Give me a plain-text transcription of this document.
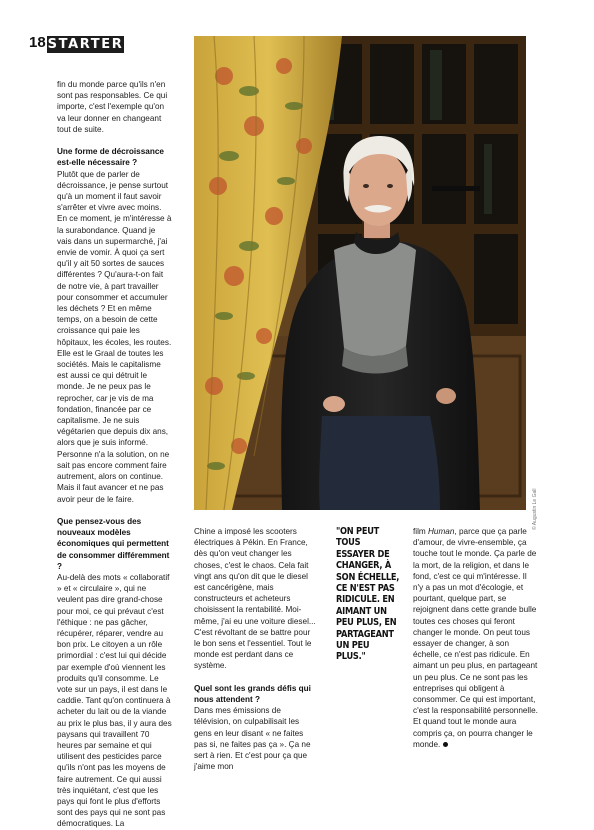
18 STARTER

fin du monde parce qu'ils n'en sont pas responsables. Ce qui importe, c'est l'exemple qu'on va leur donner en changeant tout de suite.

Une forme de décroissance est-elle nécessaire ?

Plutôt que de parler de décroissance, je pense surtout qu'à un moment il faut savoir s'arrêter et vivre avec moins. En ce moment, je m'intéresse à la surabondance. Quand je vais dans un supermarché, j'ai envie de vomir. À quoi ça sert qu'il y ait 50 sortes de sauces différentes ? Qu'aura-t-on fait de notre vie, à part travailler pour consommer et accumuler les déchets ? Et en même temps, on a besoin de cette croissance qui paie les hôpitaux, les écoles, les routes. Elle est le Graal de toutes les sociétés. Mais le capitalisme est aussi ce qui détruit le monde. Je ne peux pas le reprocher, car je vis de ma fondation, financée par ce capitalisme. Je ne suis végétarien que depuis dix ans, alors que je suis informé. Personne n'a la solution, on ne sait pas encore comment faire autrement, alors on continue. Mais il faut avancer et ne pas avoir peur de le faire.

Que pensez-vous des nouveaux modèles économiques qui permettent de consommer différemment ?

Au-delà des mots « collaboratif » et « circulaire », qui ne veulent pas dire grand-chose pour moi, ce qui prévaut c'est l'éthique : ne pas gâcher, récupérer, réparer, vendre au bon prix. Le citoyen a un rôle primordial : c'est lui qui décide par exemple d'où viennent les produits qu'il consomme. Le vote sur un pays, il est dans le caddie. Tant qu'on continuera à acheter du lait ou de la viande au prix le plus bas, il y aura des paysans qui travaillent 70 heures par semaine et qui utilisent des pesticides parce qu'ils n'ont pas les moyens de faire autrement. Ce qui aussi très inquiétant, c'est que les pays qui font le plus d'efforts sont des pays qui ne sont pas démocratiques. La

© Augustin Le Gall

Chine a imposé les scooters électriques à Pékin. En France, dès qu'on veut changer les choses, c'est le chaos. Cela fait vingt ans qu'on dit que le diesel est cancérigène, mais constructeurs et acheteurs choisissent la rentabilité. Moi-même, j'ai eu une voiture diesel... C'est révoltant de se battre pour le bon sens et l'essentiel. Tout le monde est perdant dans ce système.

Quel sont les grands défis qui nous attendent ?

Dans mes émissions de télévision, on culpabilisait les gens en leur disant « ne faites pas si, ne faites pas ça ». Ça ne sert à rien. Et c'est pour ça que j'aime mon

"ON PEUT TOUS ESSAYER DE CHANGER, À SON ÉCHELLE, CE N'EST PAS RIDICULE. EN AIMANT UN PEU PLUS, EN PARTAGEANT UN PEU PLUS."

film Human, parce que ça parle d'amour, de vivre-ensemble, ça touche tout le monde. Ça parle de la mort, de la religion, et dans le fond, c'est ce qui m'intéresse. Il n'y a pas un mot d'écologie, et pourtant, quelque part, se rejoignent dans cette grande bulle toutes ces choses qui feront changer le monde. On peut tous essayer de changer, à son échelle, ce n'est pas ridicule. En aimant un peu plus, en partageant un peu plus. Ce ne sont pas les entreprises qui obligent à consommer. Ce qui est important, c'est la responsabilité personnelle. Et quand tout le monde aura compris ça, on pourra changer le monde.
